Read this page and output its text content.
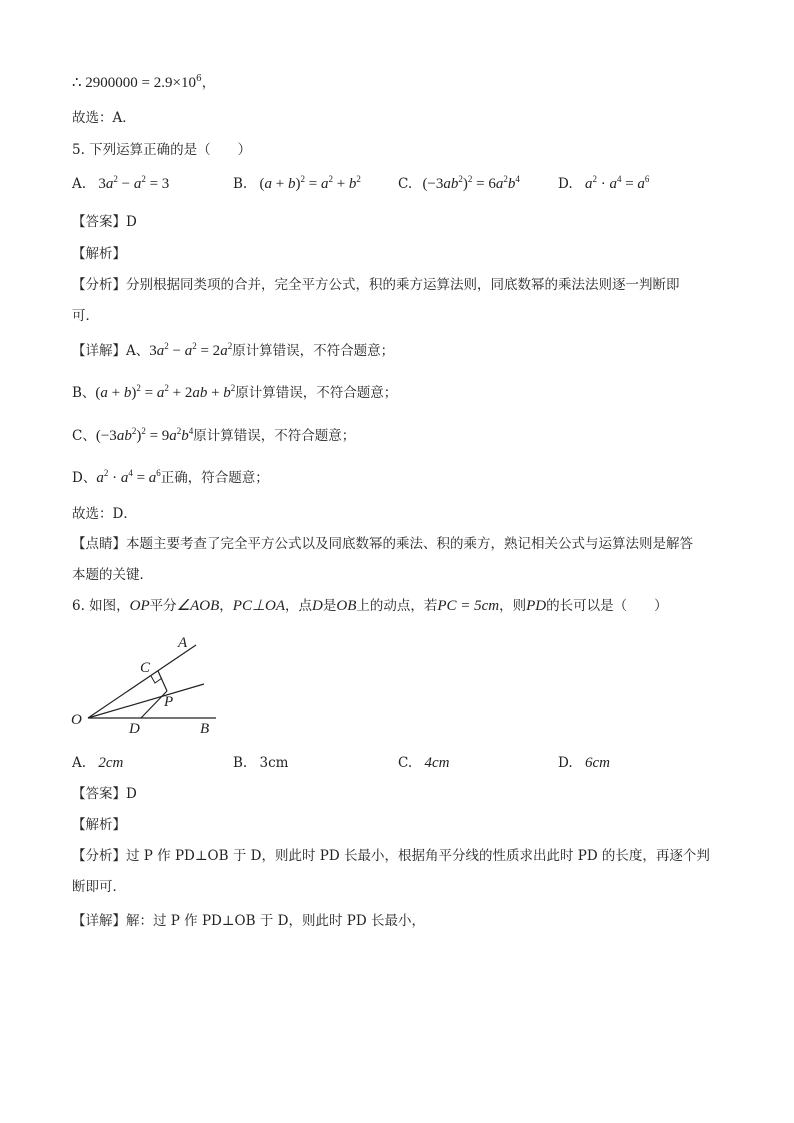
∴ $2900000 = 2.9\times 10^6$，
故选：A．
5. 下列运算正确的是（　　）
A. $3a^2 - a^2 = 3$	B. $(a + b)^2 = a^2 + b^2$	C. $(-3ab^2)^2 = 6a^2b^4$	D. $a^2 \cdot a^4 = a^6$
【答案】D
【解析】
【分析】分别根据同类项的合并，完全平方公式，积的乘方运算法则，同底数幂的乘法法则逐一判断即
可．
【详解】A、$3a^2 - a^2 = 2a^2$原计算错误，不符合题意；
B、$(a + b)^2 = a^2 + 2ab + b^2$原计算错误，不符合题意；
C、$(-3ab^2)^2 = 9a^2b^4$原计算错误，不符合题意；
D、$a^2 \cdot a^4 = a^6$正确，符合题意；
故选：D．
【点睛】本题主要考查了完全平方公式以及同底数幂的乘法、积的乘方，熟记相关公式与运算法则是解答
本题的关键．
6. 如图，OP平分∠AOB，PC⊥OA，点D是OB上的动点，若PC = 5cm，则PD的长可以是（　　）
A
C
P
O
D	B
A. 2cm	B. 3cm	C. 4cm	D. 6cm
【答案】D
【解析】
【分析】过 P 作 PD⊥OB 于 D，则此时 PD 长最小，根据角平分线的性质求出此时 PD 的长度，再逐个判
断即可．
【详解】解：过 P 作 PD⊥OB 于 D，则此时 PD 长最小，
